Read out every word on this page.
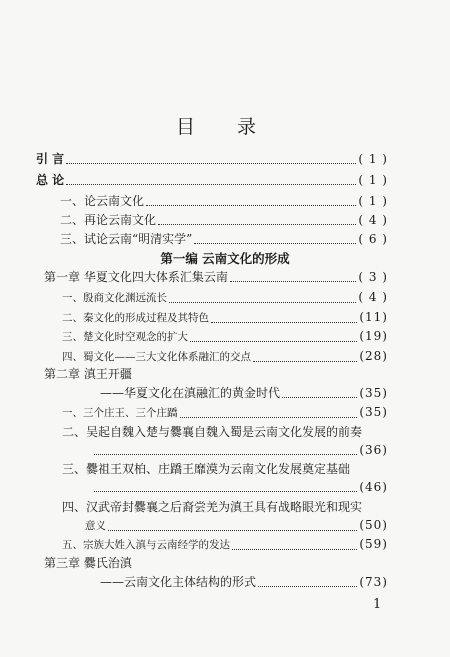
目 录
引 言	( 1 )
总 论	( 1 )
一、论云南文化	( 1 )
二、再论云南文化	( 4 )
三、试论云南“明清实学”	( 6 )
第一编 云南文化的形成
第一章 华夏文化四大体系汇集云南	( 3 )
一、殷商文化渊远流长	( 4 )
二、秦文化的形成过程及其特色	(11)
三、楚文化时空观念的扩大	(19)
四、蜀文化——三大文化体系融汇的交点	(28)
第二章 滇王开疆
——华夏文化在滇融汇的黄金时代	(35)
一、三个庄王、三个庄蹻	(35)
二、吴起自魏入楚与爨襄自魏入蜀是云南文化发展的前奏
(36)
三、爨祖王双柏、庄蹻王靡漠为云南文化发展奠定基础
(46)
四、汉武帝封爨襄之后裔尝羌为滇王具有战略眼光和现实
意义	(50)
五、宗族大姓入滇与云南经学的发达	(59)
第三章 爨氏治滇
——云南文化主体结构的形式	(73)
1
